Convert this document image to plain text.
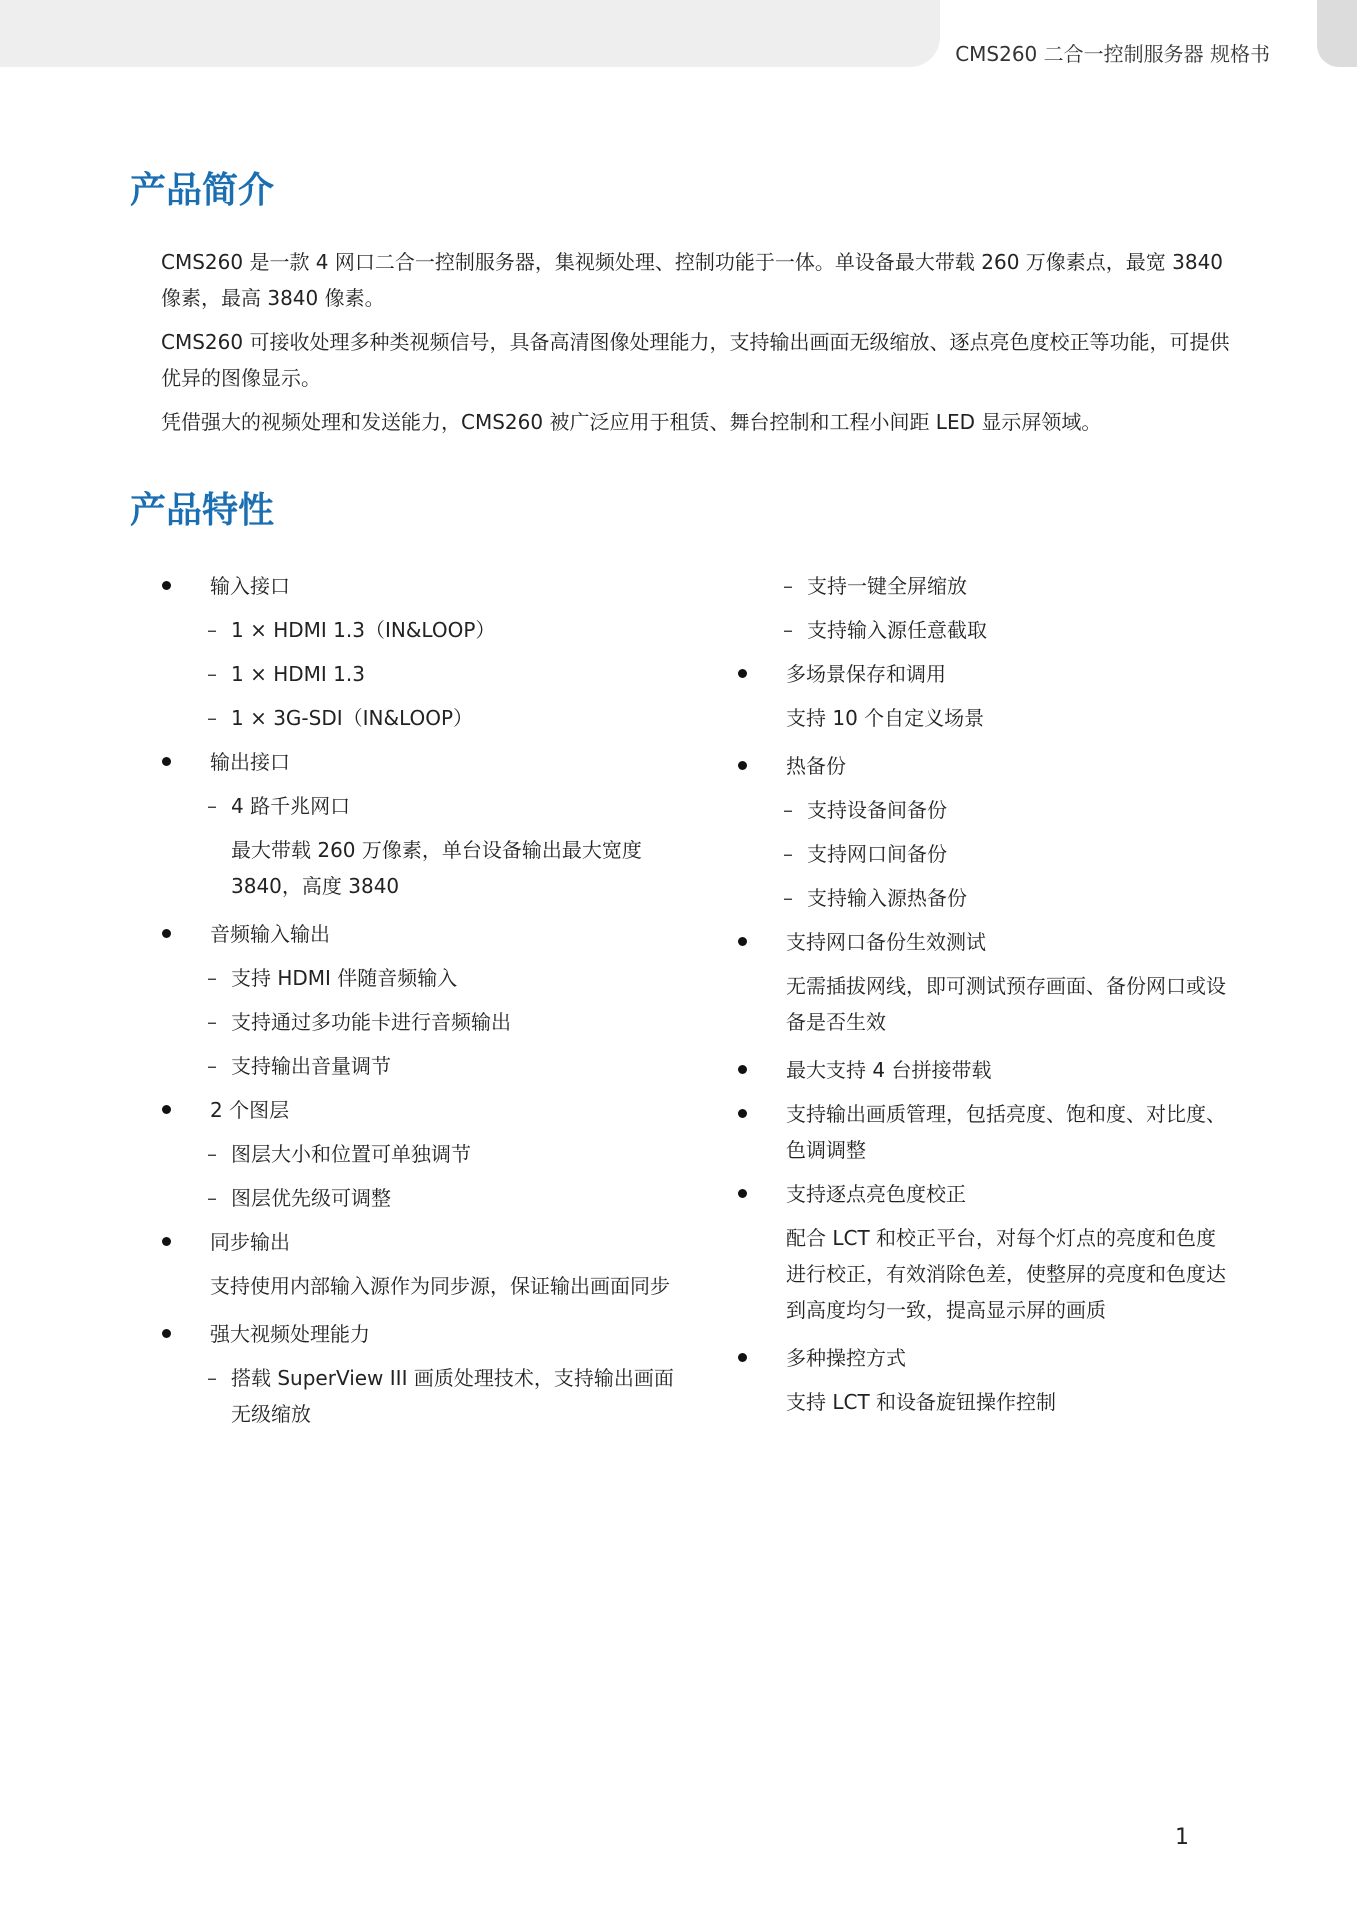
CMS260 二合一控制服务器 规格书
产品简介

CMS260 是一款 4 网口二合一控制服务器，集视频处理、控制功能于一体。单设备最大带载 260 万像素点，最宽 3840 像素，最高 3840 像素。

CMS260 可接收处理多种类视频信号，具备高清图像处理能力，支持输出画面无级缩放、逐点亮色度校正等功能，可提供优异的图像显示。

凭借强大的视频处理和发送能力，CMS260 被广泛应用于租赁、舞台控制和工程小间距 LED 显示屏领域。

产品特性
输入接口
– 1 × HDMI 1.3（IN&LOOP）
– 1 × HDMI 1.3
– 1 × 3G-SDI（IN&LOOP）
输出接口
– 4 路千兆网口
最大带载 260 万像素，单台设备输出最大宽度 3840，高度 3840
音频输入输出
– 支持 HDMI 伴随音频输入
– 支持通过多功能卡进行音频输出
– 支持输出音量调节
2 个图层
– 图层大小和位置可单独调节
– 图层优先级可调整
同步输出
支持使用内部输入源作为同步源，保证输出画面同步
强大视频处理能力
– 搭载 SuperView III 画质处理技术，支持输出画面无级缩放
– 支持一键全屏缩放
– 支持输入源任意截取
多场景保存和调用
支持 10 个自定义场景
热备份
– 支持设备间备份
– 支持网口间备份
– 支持输入源热备份
支持网口备份生效测试
无需插拔网线，即可测试预存画面、备份网口或设备是否生效
最大支持 4 台拼接带载
支持输出画质管理，包括亮度、饱和度、对比度、色调调整
支持逐点亮色度校正
配合 LCT 和校正平台，对每个灯点的亮度和色度进行校正，有效消除色差，使整屏的亮度和色度达到高度均匀一致，提高显示屏的画质
多种操控方式
支持 LCT 和设备旋钮操作控制
1
